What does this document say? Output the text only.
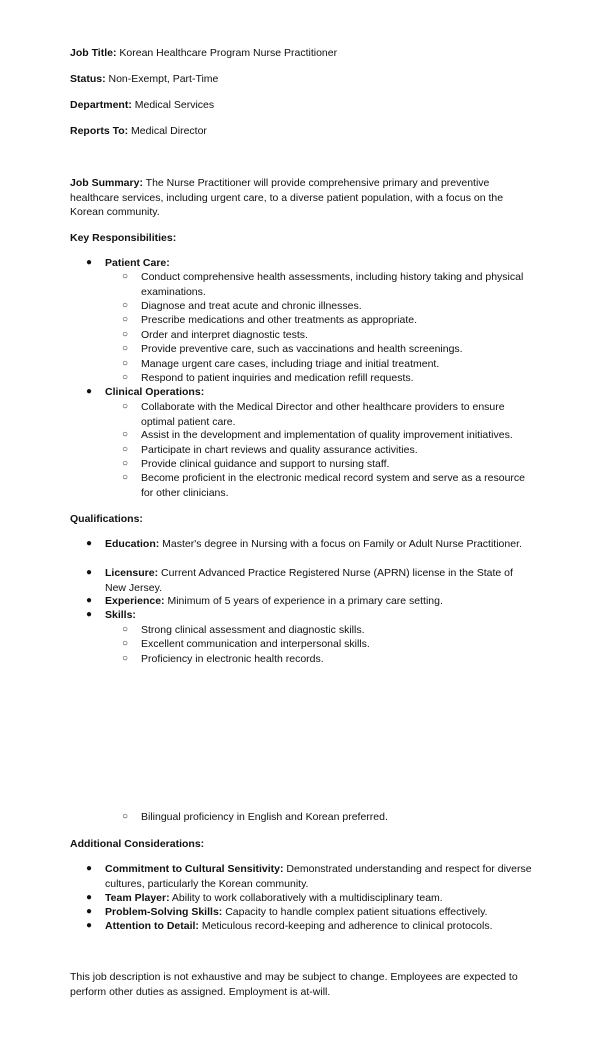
Job Title: Korean Healthcare Program Nurse Practitioner

Status: Non-Exempt, Part-Time

Department: Medical Services

Reports To: Medical Director

Job Summary: The Nurse Practitioner will provide comprehensive primary and preventive healthcare services, including urgent care, to a diverse patient population, with a focus on the Korean community.

Key Responsibilities:

● Patient Care:
○ Conduct comprehensive health assessments, including history taking and physical examinations.
○ Diagnose and treat acute and chronic illnesses.
○ Prescribe medications and other treatments as appropriate.
○ Order and interpret diagnostic tests.
○ Provide preventive care, such as vaccinations and health screenings.
○ Manage urgent care cases, including triage and initial treatment.
○ Respond to patient inquiries and medication refill requests.
● Clinical Operations:
○ Collaborate with the Medical Director and other healthcare providers to ensure optimal patient care.
○ Assist in the development and implementation of quality improvement initiatives.
○ Participate in chart reviews and quality assurance activities.
○ Provide clinical guidance and support to nursing staff.
○ Become proficient in the electronic medical record system and serve as a resource for other clinicians.

Qualifications:

● Education: Master's degree in Nursing with a focus on Family or Adult Nurse Practitioner.
● Licensure: Current Advanced Practice Registered Nurse (APRN) license in the State of New Jersey.
● Experience: Minimum of 5 years of experience in a primary care setting.
● Skills:
○ Strong clinical assessment and diagnostic skills.
○ Excellent communication and interpersonal skills.
○ Proficiency in electronic health records.
○ Bilingual proficiency in English and Korean preferred.

Additional Considerations:

● Commitment to Cultural Sensitivity: Demonstrated understanding and respect for diverse cultures, particularly the Korean community.
● Team Player: Ability to work collaboratively with a multidisciplinary team.
● Problem-Solving Skills: Capacity to handle complex patient situations effectively.
● Attention to Detail: Meticulous record-keeping and adherence to clinical protocols.

This job description is not exhaustive and may be subject to change. Employees are expected to perform other duties as assigned. Employment is at-will.
